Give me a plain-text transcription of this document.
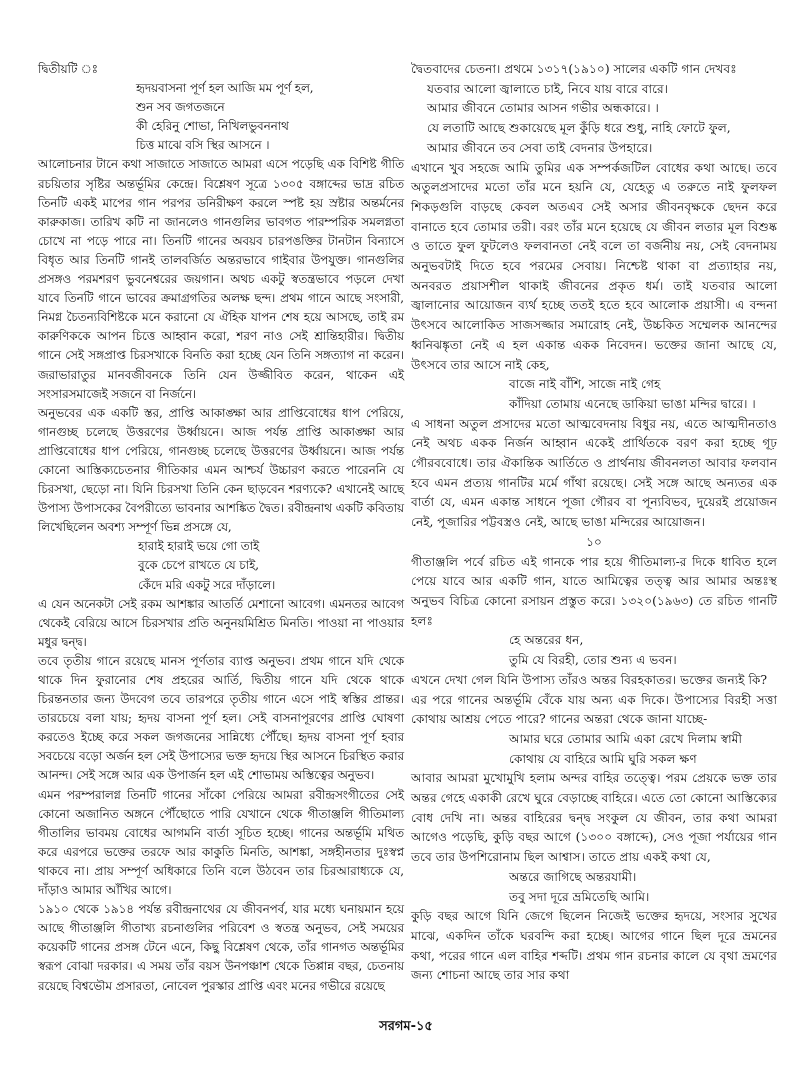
দ্বিতীয়টি ঃ

হৃদয়বাসনা পূর্ণ হল আজি মম পূর্ণ হল,
শুন সব জগতজনে
কী হেরিনু শোভা, নিখিলভুবননাথ
চিত্ত মাঝে বসি স্থির আসনে ।

আলোচনার টানে কথা সাজাতে সাজাতে আমরা এসে পড়েছি এক বিশিষ্ট গীতি রচয়িতার সৃষ্টির অন্তর্ভূমির কেন্দ্রে। বিশ্লেষণ সূত্রে ১৩০৫ বঙ্গাব্দের ভাদ্র রচিত তিনটি একই মাপের গান পরপর ডনিরীক্ষণ করলে স্পষ্ট হয় স্রষ্টার অন্তর্মনের কারুকাজ। তারিখ কটি না জানলেও গানগুলির ভাবগত পারম্পরিক সমলগ্নতা চোখে না পড়ে পারে না। তিনটি গানের অবয়ব চারপঙক্তির টানটান বিন্যাসে বিধৃত আর তিনটি গানই তালবর্জিত অন্তরভাবে গাইবার উপযুক্ত। গানগুলির প্রসঙ্গও পরমশরণ ভুবনেশ্বরের জয়গান। অথচ একটু স্বতন্ত্রভাবে পড়লে দেখা যাবে তিনটি গানে ভাবের ক্রমাগ্রগতির অলক্ষ ছন্দ। প্রথম গানে আছে সংসারী, নিমগ্ন চৈতন্যবিশিষ্টকে মনে করানো যে ঐহিক যাপন শেষ হয়ে আসছে, তাই রম কারুণিককে আপন চিত্তে আহ্বান করো, শরণ নাও সেই শ্রান্তিহারীর। দ্বিতীয় গানে সেই সঙ্গপ্রাপ্ত চিরসখাকে বিনতি করা হচ্ছে যেন তিনি সঙ্গত্যাগ না করেন। জরাভারাতুর মানবজীবনকে তিনি যেন উজ্জীবিত করেন, থাকেন এই সংসারসমাজেই সজনে বা নির্জনে।

অনুভবের এক একটি স্তর, প্রাপ্তি আকাঙ্ক্ষা আর প্রাপ্তিবোধের ধাপ পেরিয়ে, গানগুচ্ছ চলেছে উত্তরণের উর্ধ্বায়নে। আজ পর্যন্ত প্রাপ্তি আকাঙ্ক্ষা আর প্রাপ্তিবোধের ধাপ পেরিয়ে, গানগুচ্ছ চলেছে উত্তরণের উর্ধ্বায়নে। আজ পর্যন্ত কোনো আস্তিক্যচেতনার গীতিকার এমন আশ্চর্য উচ্চারণ করতে পারেননি যে চিরসখা, ছেড়ো না। যিনি চিরসখা তিনি কেন ছাড়বেন শরণ্যকে? এখানেই আছে উপাস্য উপাসকের বৈপরীত্যে ভাবনার আশঙ্কিত দ্বৈত। রবীন্দ্রনাথ একটি কবিতায় লিখেছিলেন অবশ্য সম্পূর্ণ ভিন্ন প্রসঙ্গে যে,

হারাই হারাই ভয়ে গো তাই
বুকে চেপে রাখতে যে চাই,
কেঁদে মরি একটু সরে দাঁড়ালে।

এ যেন অনেকটা সেই রকম আশঙ্কার আতর্তি মেশানো আবেগ। এমনতর আবেগ থেকেই বেরিয়ে আসে চিরসখার প্রতি অনুনয়মিশ্রিত মিনতি। পাওয়া না পাওয়ার মধুর দ্বন্দ্ব।

তবে তৃতীয় গানে রয়েছে মানস পূর্ণতার ব্যাপ্ত অনুভব। প্রথম গানে যদি থেকে থাকে দিন ফুরানোর শেষ প্রহরের আর্তি, দ্বিতীয় গানে যদি থেকে থাকে চিরন্তনতার জন্য উদবেগ তবে তারপরে তৃতীয় গানে এসে পাই স্বস্তির প্রান্তর। তারচেয়ে বলা যায়; হৃদয় বাসনা পূর্ণ হল। সেই বাসনাপূরণের প্রাপ্তি ঘোষণা করতেও ইচ্ছে করে সকল জগজনের সান্নিধ্যে পৌঁছে। হৃদয় বাসনা পূর্ণ হবার সবচেয়ে বড়ো অর্জন হল সেই উপাস্যের ভক্ত হৃদয়ে স্থির আসনে চিরস্থিত করার আনন্দ। সেই সঙ্গে আর এক উপার্জন হল এই শোভাময় অস্তিত্বের অনুভব।

এমন পরম্পরালগ্ন তিনটি গানের সাঁকো পেরিয়ে আমরা রবীন্দ্রসংগীতের সেই কোনো অজানিত অঙ্গনে পৌঁছোতে পারি যেখানে থেকে গীতাঞ্জলি গীতিমাল্য গীতালির ভাবময় বোধের আগমনি বার্তা সূচিত হচ্ছে। গানের অন্তর্ভূমি মথিত করে এরপরে ভক্তের তরফে আর কাকুতি মিনতি, আশঙ্কা, সঙ্গহীনতার দুঃস্বপ্ন থাকবে না। প্রায় সম্পূর্ণ অধিকারে তিনি বলে উঠবেন তার চিরআরাধ্যকে যে, দাঁড়াও আমার আঁখির আগে।

১৯১০ থেকে ১৯১৪ পর্যন্ত রবীন্দ্রনাথের যে জীবনপর্ব, যার মধ্যে ঘনায়মান হয়ে আছে গীতাঞ্জলি গীতাখ্য রচনাগুলির পরিবেশ ও স্বতন্ত্র অনুভব, সেই সময়ের কয়েকটি গানের প্রসঙ্গ টেনে এনে, কিছু বিশ্লেষণ থেকে, তাঁর গানগত অন্তর্ভূমির স্বরূপ বোঝা দরকার। এ সময় তাঁর বয়স উনপঞ্চাশ থেকে তিপ্পান্ন বছর, চেতনায় রয়েছে বিশ্বভৌম প্রসারতা, নোবেল পুরস্কার প্রাপ্তি এবং মনের গভীরে রয়েছে

দ্বৈতবাদের চেতনা। প্রথমে ১৩১৭(১৯১০) সালের একটি গান দেখবঃ

যতবার আলো জ্বালাতে চাই, নিবে যায় বারে বারে।
আমার জীবনে তোমার আসন গভীর অন্ধকারে। ।
যে লতাটি আছে শুকায়েছে মূল কুঁড়ি ধরে শুধু, নাহি ফোটে ফুল,
আমার জীবনে তব সেবা তাই বেদনার উপহারে।

এখানে খুব সহজে আমি তুমির এক সম্পর্কজটিল বোধের কথা আছে। তবে অতুলপ্রসাদের মতো তাঁর মনে হয়নি যে, যেহেতু এ তরুতে নাই ফুলফল শিকড়গুলি বাড়ছে কেবল অতএব সেই অসার জীবনবৃক্ষকে ছেদন করে বানাতে হবে তোমার তরী। বরং তাঁর মনে হয়েছে যে জীবন লতার মূল বিশুষ্ক ও তাতে ফুল ফুটলেও ফলবানতা নেই বলে তা বর্জনীয় নয়, সেই বেদনাময় অনুভবটাই দিতে হবে পরমের সেবায়। নিশ্চেষ্ট থাকা বা প্রত্যাহার নয়, অনবরত প্রয়াসশীল থাকাই জীবনের প্রকৃত ধর্ম। তাই যতবার আলো জ্বালানোর আয়োজন ব্যর্থ হচ্ছে ততই হতে হবে আলোক প্রয়াসী। এ বন্দনা উৎসবে আলোকিত সাজসজ্জার সমারোহ নেই, উচ্চকিত সম্মেলক আনন্দের ধ্বনিঝঙ্কৃতা নেই এ হল একান্ত একক নিবেদন। ভক্তের জানা আছে যে, উৎসবে তার আসে নাই কেহ,

বাজে নাই বাঁশি, সাজে নাই গেহ
কাঁদিয়া তোমায় এনেছে ডাকিয়া ভাঙা মন্দির দ্বারে। ।

এ সাধনা অতুল প্রসাদের মতো আত্মবেদনায় বিধুর নয়, এতে আত্মদীনতাও নেই অথচ একক নির্জন আহ্বান একেই প্রার্থিতকে বরণ করা হচ্ছে গূঢ় গৌরববোধে। তার ঐকান্তিক আর্তিতে ও প্রার্থনায় জীবনলতা আবার ফলবান হবে এমন প্রত্যয় গানটির মর্মে গাঁথা রয়েছে। সেই সঙ্গে আছে অন্যতর এক বার্তা যে, এমন একান্ত সাধনে পূজা গৌরব বা পূন্যবিভব, দুয়েরই প্রয়োজন নেই, পূজারির পট্টবস্ত্রও নেই, আছে ভাঙা মন্দিরের আয়োজন।

১০

গীতাঞ্জলি পর্বে রচিত এই গানকে পার হয়ে গীতিমাল্য-র দিকে ধাবিত হলে পেয়ে যাবে আর একটি গান, যাতে আমিত্বের তত্ত্ব আর আমার অন্তঃস্থ অনুভব বিচিত্র কোনো রসায়ন প্রস্তুত করে। ১৩২০(১৯৬৩) তে রচিত গানটি হলঃ

হে অন্তরের ধন,
তুমি যে বিরহী, তোর শুন্য এ ভবন।

এখনে দেখা গেল যিনি উপাস্য তাঁরও অন্তর বিরহকাতর। ভক্তের জন্যই কি?

এর পরে গানের অন্তর্ভূমি বেঁকে যায় অন্য এক দিকে। উপাস্যের বিরহী সত্তা কোথায় আশ্রয় পেতে পারে? গানের অন্তরা থেকে জানা যাচ্ছে-

আমার ঘরে তোমার আমি একা রেখে দিলাম স্বামী
কোথায় যে বাহিরে আমি ঘুরি সকল ক্ষণ

আবার আমরা মুখোমুখি হলাম অন্দর বাহির তত্ত্বে। পরম প্রেয়কে ভক্ত তার অন্তর গেহে একাকী রেখে ঘুরে বেড়াচ্ছে বাহিরে। এতে তো কোনো আস্তিক্যের বোধ দেখি না। অন্তর বাহিরের দ্বন্দ্ব সংকুল যে জীবন, তার কথা আমরা আগেও পড়েছি, কুড়ি বছর আগে (১৩০০ বঙ্গাব্দে), সেও পূজা পর্যায়ের গান তবে তার উপশিরোনাম ছিল আশ্বাস। তাতে প্রায় একই কথা যে,

অন্তরে জাগিছে অন্তরযামী।
তবু সদা দূরে ভ্রমিতেছি আমি।

কুড়ি বছর আগে যিনি জেগে ছিলেন নিজেই ভক্তের হৃদয়ে, সংসার সুখের মাঝে, একদিন তাঁকে ঘরবন্দি করা হচ্ছে। আগের গানে ছিল দূরে ভ্রমনের কথা, পরের গানে এল বাহির শব্দটি। প্রথম গান রচনার কালে যে বৃথা ভ্রমণের জন্য শোচনা আছে তার সার কথা

সরগম-১৫
